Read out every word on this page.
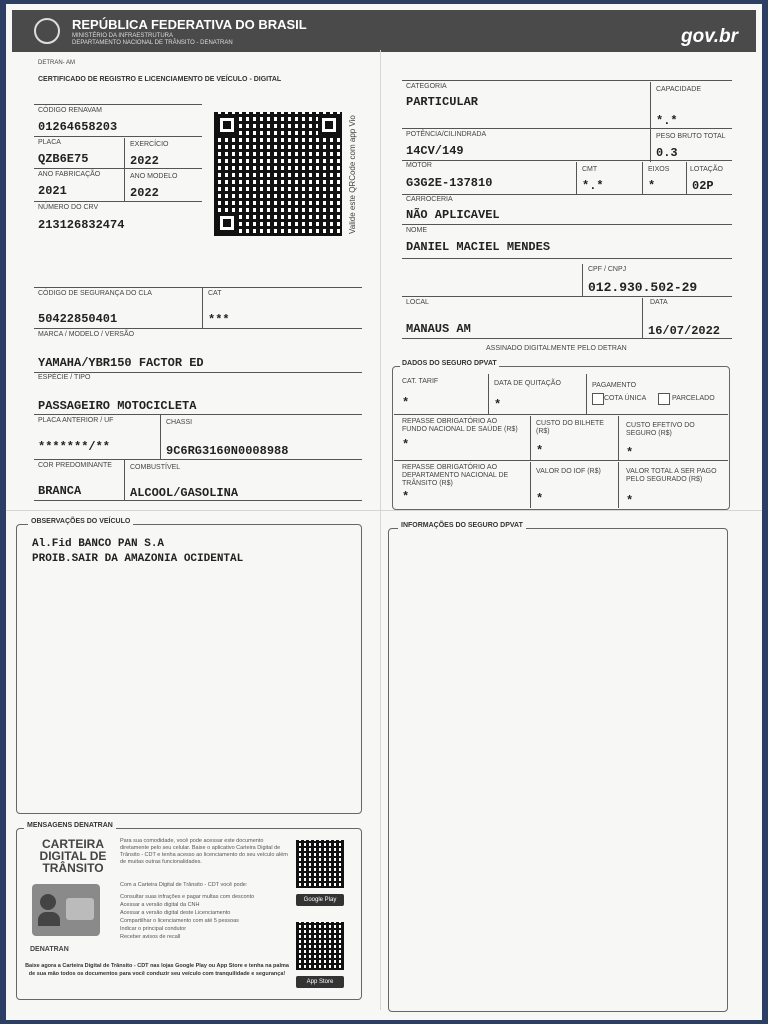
REPÚBLICA FEDERATIVA DO BRASIL
MINISTÉRIO DA INFRAESTRUTURA
DEPARTAMENTO NACIONAL DE TRÂNSITO - DENATRAN	gov.br
DETRAN- AM
CERTIFICADO DE REGISTRO E LICENCIAMENTO DE VEÍCULO - DIGITAL
Valide este QRCode com app Vio
CÓDIGO RENAVAM
01264658203
PLACA
QZB6E75
EXERCÍCIO
2022
ANO FABRICAÇÃO
2021
ANO MODELO
2022
NÚMERO DO CRV
213126832474
CÓDIGO DE SEGURANÇA DO CLA	CAT
50422850401	***
MARCA / MODELO / VERSÃO
YAMAHA/YBR150 FACTOR ED
ESPÉCIE / TIPO
PASSAGEIRO MOTOCICLETA
PLACA ANTERIOR / UF	CHASSI
*******/**	9C6RG3160N0008988
COR PREDOMINANTE	COMBUSTÍVEL
BRANCA	ALCOOL/GASOLINA
CATEGORIA
PARTICULAR
CAPACIDADE
*.*
POTÊNCIA/CILINDRADA
14CV/149
PESO BRUTO TOTAL
0.3
MOTOR
G3G2E-137810
CMT
*.*
EIXOS
*
LOTAÇÃO
02P
CARROCERIA
NÃO APLICAVEL
NOME
DANIEL MACIEL MENDES
CPF / CNPJ
012.930.502-29
LOCAL	DATA
MANAUS AM	16/07/2022
ASSINADO DIGITALMENTE PELO DETRAN
DADOS DO SEGURO DPVAT
CAT. TARIF
*
DATA DE QUITAÇÃO
*
PAGAMENTO
COTA ÚNICA	PARCELADO
REPASSE OBRIGATÓRIO AO FUNDO NACIONAL DE SAÚDE (R$)
*
CUSTO DO BILHETE (R$)
*
CUSTO EFETIVO DO SEGURO (R$)
*
REPASSE OBRIGATÓRIO AO DEPARTAMENTO NACIONAL DE TRÂNSITO (R$)
*
VALOR DO IOF (R$)
*
VALOR TOTAL A SER PAGO PELO SEGURADO (R$)
*
OBSERVAÇÕES DO VEÍCULO
Al.Fid BANCO PAN S.A
PROIB.SAIR DA AMAZONIA OCIDENTAL
INFORMAÇÕES DO SEGURO DPVAT
MENSAGENS DENATRAN
CARTEIRA
DIGITAL DE
TRÂNSITO
DENATRAN
Para sua comodidade, você pode acessar este documento diretamente pelo seu celular. Baixe o aplicativo Carteira Digital de Trânsito - CDT e tenha acesso ao licenciamento do seu veículo além de muitas outras funcionalidades.
Com a Carteira Digital de Trânsito - CDT você pode:
Consultar suas infrações e pagar multas com desconto
Acessar a versão digital da CNH
Acessar a versão digital deste Licenciamento
Compartilhar o licenciamento com até 5 pessoas
Indicar o principal condutor
Receber avisos de recall
Google Play
App Store
Baixe agora a Carteira Digital de Trânsito - CDT nas lojas Google Play ou App Store e tenha na palma de sua mão todos os documentos para você conduzir seu veículo com tranquilidade e segurança!
